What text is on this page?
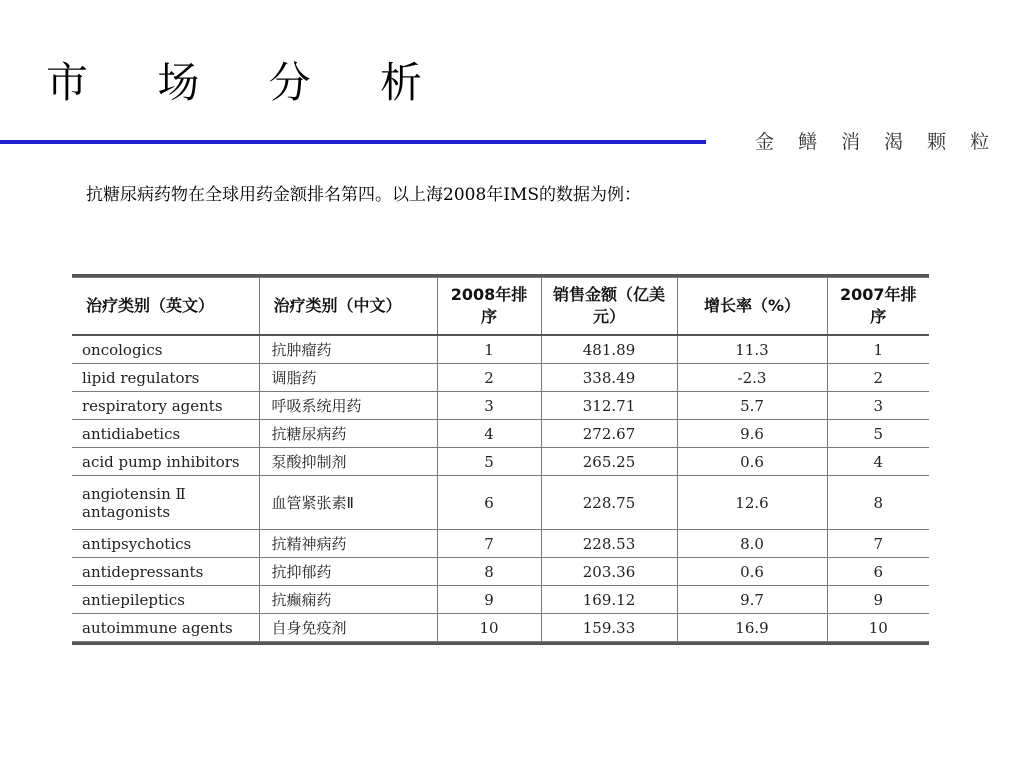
市 场 分 析
金 鳝 消 渴 颗 粒
抗糖尿病药物在全球用药金额排名第四。以上海2008年IMS的数据为例：
治疗类别（英文）	治疗类别（中文）	2008年排序	销售金额（亿美元）	增长率（%）	2007年排序
oncologics	抗肿瘤药	1	481.89	11.3	1
lipid regulators	调脂药	2	338.49	-2.3	2
respiratory agents	呼吸系统用药	3	312.71	5.7	3
antidiabetics	抗糖尿病药	4	272.67	9.6	5
acid pump inhibitors	泵酸抑制剂	5	265.25	0.6	4
angiotensin Ⅱ antagonists	血管紧张素Ⅱ	6	228.75	12.6	8
antipsychotics	抗精神病药	7	228.53	8.0	7
antidepressants	抗抑郁药	8	203.36	0.6	6
antiepileptics	抗癫痫药	9	169.12	9.7	9
autoimmune agents	自身免疫剂	10	159.33	16.9	10
